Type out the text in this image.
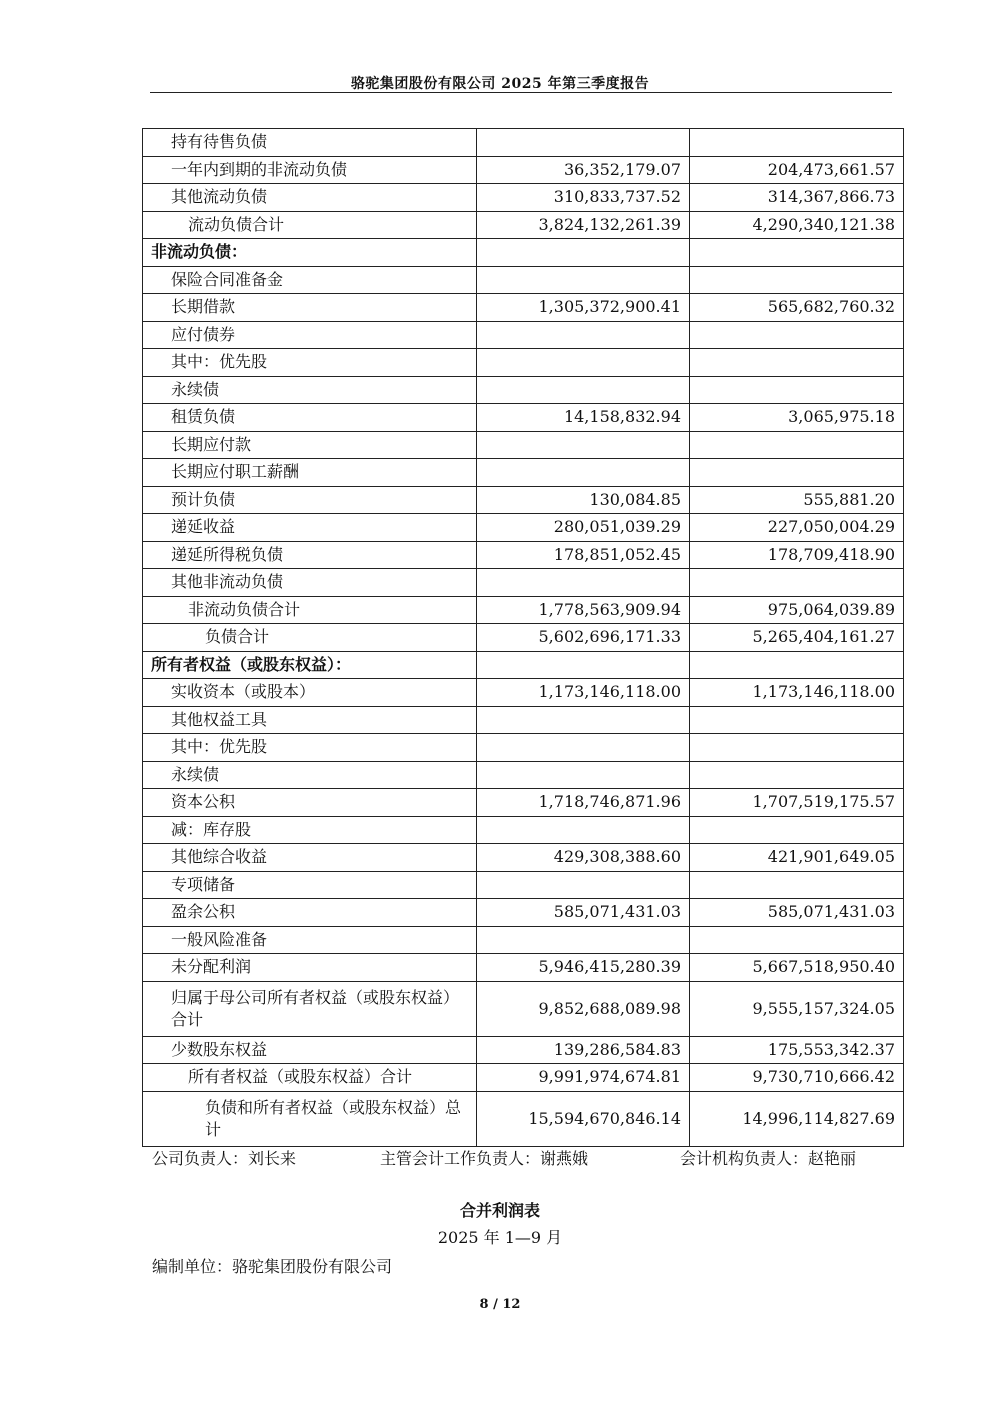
骆驼集团股份有限公司 2025 年第三季度报告
持有待售负债		
一年内到期的非流动负债	36,352,179.07	204,473,661.57
其他流动负债	310,833,737.52	314,367,866.73
流动负债合计	3,824,132,261.39	4,290,340,121.38
非流动负债：		
保险合同准备金		
长期借款	1,305,372,900.41	565,682,760.32
应付债券		
其中：优先股		
永续债		
租赁负债	14,158,832.94	3,065,975.18
长期应付款		
长期应付职工薪酬		
预计负债	130,084.85	555,881.20
递延收益	280,051,039.29	227,050,004.29
递延所得税负债	178,851,052.45	178,709,418.90
其他非流动负债		
非流动负债合计	1,778,563,909.94	975,064,039.89
负债合计	5,602,696,171.33	5,265,404,161.27
所有者权益（或股东权益）：		
实收资本（或股本）	1,173,146,118.00	1,173,146,118.00
其他权益工具		
其中：优先股		
永续债		
资本公积	1,718,746,871.96	1,707,519,175.57
减：库存股		
其他综合收益	429,308,388.60	421,901,649.05
专项储备		
盈余公积	585,071,431.03	585,071,431.03
一般风险准备		
未分配利润	5,946,415,280.39	5,667,518,950.40
归属于母公司所有者权益（或股东权益）合计	9,852,688,089.98	9,555,157,324.05
少数股东权益	139,286,584.83	175,553,342.37
所有者权益（或股东权益）合计	9,991,974,674.81	9,730,710,666.42
负债和所有者权益（或股东权益）总计	15,594,670,846.14	14,996,114,827.69
公司负责人：刘长来	主管会计工作负责人：谢燕娥	会计机构负责人：赵艳丽
合并利润表
2025 年 1—9 月
编制单位：骆驼集团股份有限公司
8 / 12
